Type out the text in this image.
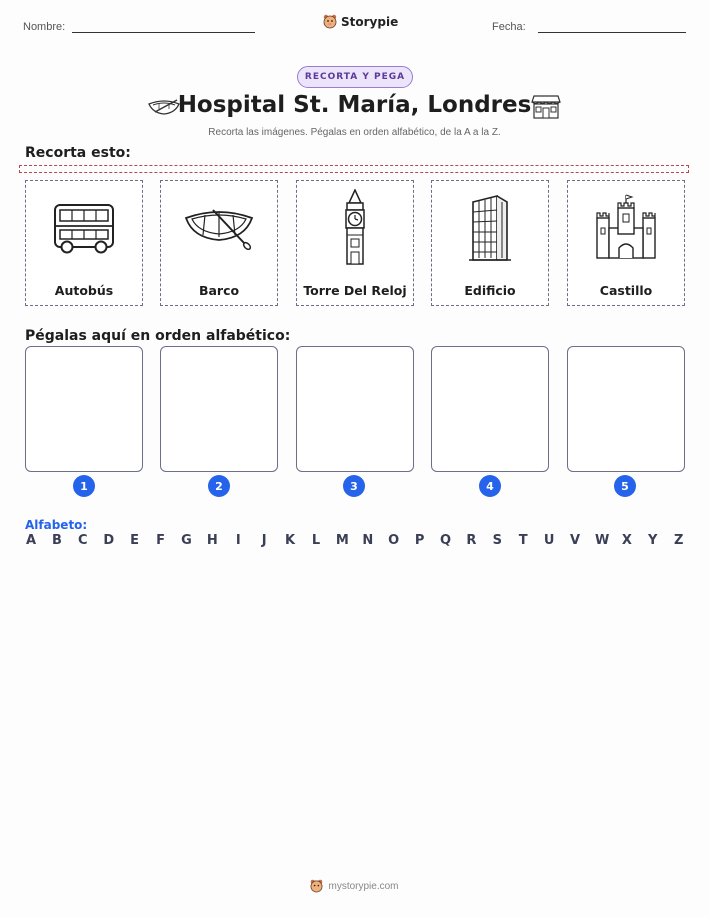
Nombre:	Storypie	Fecha:
RECORTA Y PEGA
Hospital St. María, Londres
Recorta las imágenes. Pégalas en orden alfabético, de la A a la Z.
Recorta esto:
Autobús	Barco	Torre Del Reloj	Edificio	Castillo
Pégalas aquí en orden alfabético:
1	2	3	4	5
Alfabeto:
A B C D E F G H I J K L M N O P Q R S T U V W X Y Z
mystorypie.com
